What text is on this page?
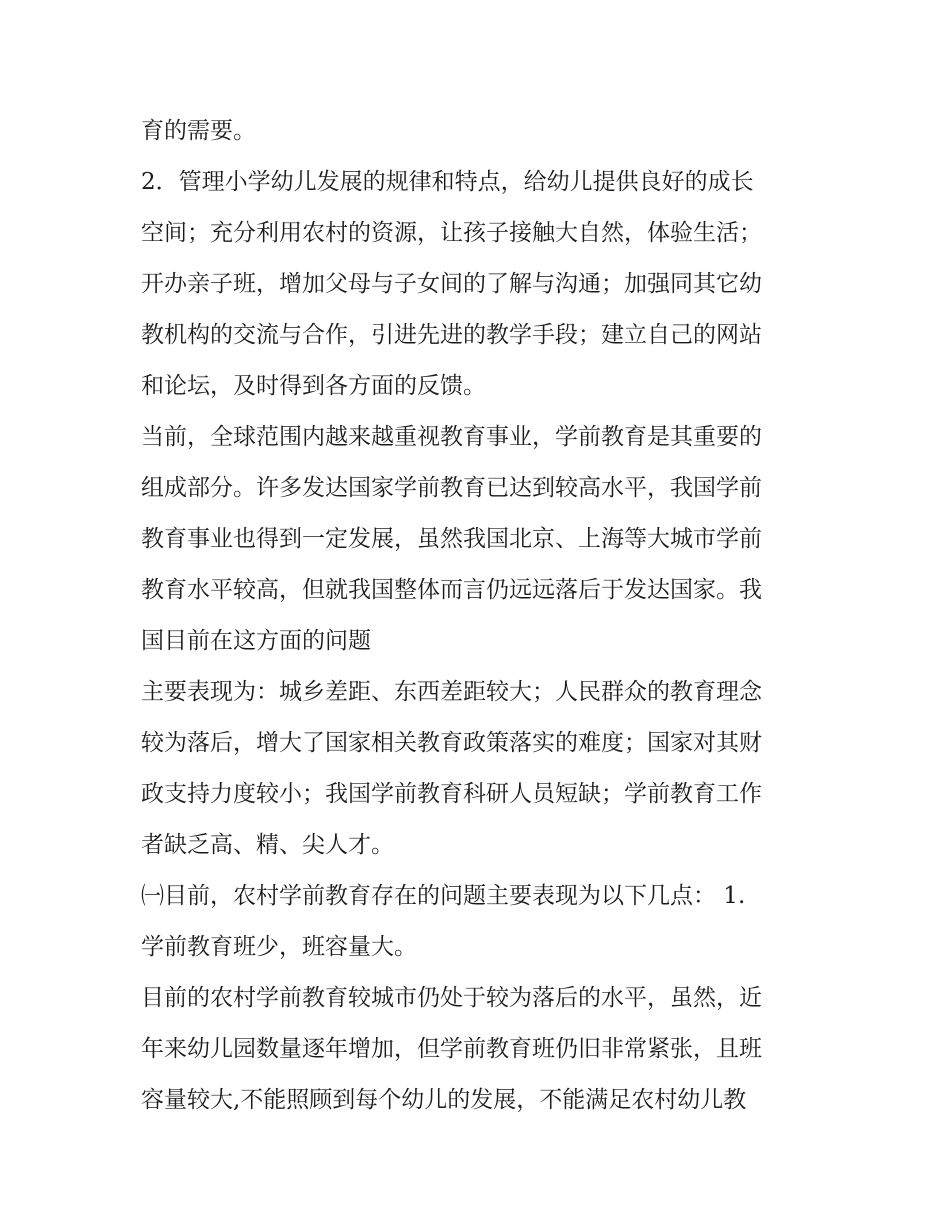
育的需要。
2．管理小学幼儿发展的规律和特点，给幼儿提供良好的成长
空间；充分利用农村的资源，让孩子接触大自然，体验生活；
开办亲子班，增加父母与子女间的了解与沟通；加强同其它幼
教机构的交流与合作，引进先进的教学手段；建立自己的网站
和论坛，及时得到各方面的反馈。
当前，全球范围内越来越重视教育事业，学前教育是其重要的
组成部分。许多发达国家学前教育已达到较高水平，我国学前
教育事业也得到一定发展，虽然我国北京、上海等大城市学前
教育水平较高，但就我国整体而言仍远远落后于发达国家。我
国目前在这方面的问题
主要表现为：城乡差距、东西差距较大；人民群众的教育理念
较为落后，增大了国家相关教育政策落实的难度；国家对其财
政支持力度较小；我国学前教育科研人员短缺；学前教育工作
者缺乏高、精、尖人才。
㈠目前，农村学前教育存在的问题主要表现为以下几点： 1.
学前教育班少，班容量大。
目前的农村学前教育较城市仍处于较为落后的水平，虽然，近
年来幼儿园数量逐年增加，但学前教育班仍旧非常紧张，且班
容量较大,不能照顾到每个幼儿的发展，不能满足农村幼儿教
